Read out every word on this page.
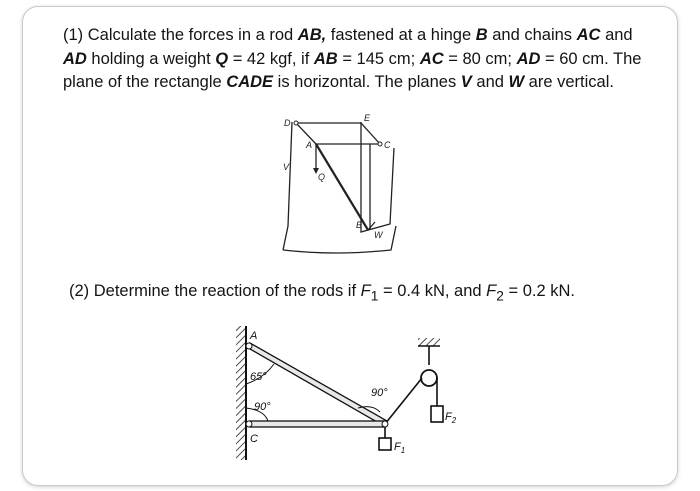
(1) Calculate the forces in a rod AB, fastened at a hinge B and chains AC and
AD holding a weight Q = 42 kgf, if AB = 145 cm; AC = 80 cm; AD = 60 cm. The plane of the rectangle CADE is horizontal. The planes V and W are vertical.
D	E
C
A
V
Q
B
W
(2) Determine the reaction of the rods if $F_1 = 0.4$ kN, and $F_2 = 0.2$ kN.
A
C
65°
90°
90°
$F_1$
$F_2$
